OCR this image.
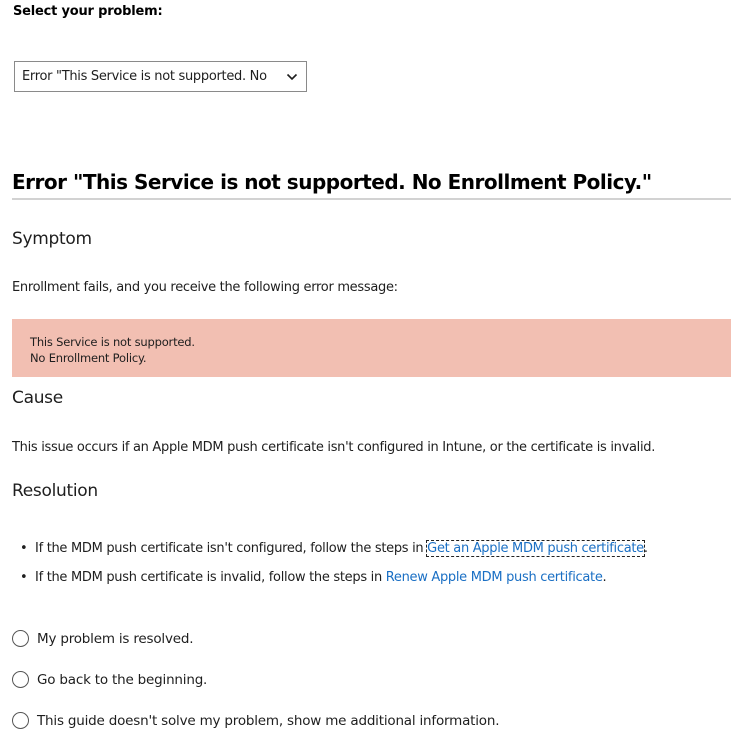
Select your problem:
Error "This Service is not supported. No
Error "This Service is not supported. No Enrollment Policy."
Symptom
Enrollment fails, and you receive the following error message:
This Service is not supported.
No Enrollment Policy.
Cause
This issue occurs if an Apple MDM push certificate isn't configured in Intune, or the certificate is invalid.
Resolution
• If the MDM push certificate isn't configured, follow the steps in Get an Apple MDM push certificate.
• If the MDM push certificate is invalid, follow the steps in Renew Apple MDM push certificate.
My problem is resolved.
Go back to the beginning.
This guide doesn't solve my problem, show me additional information.
